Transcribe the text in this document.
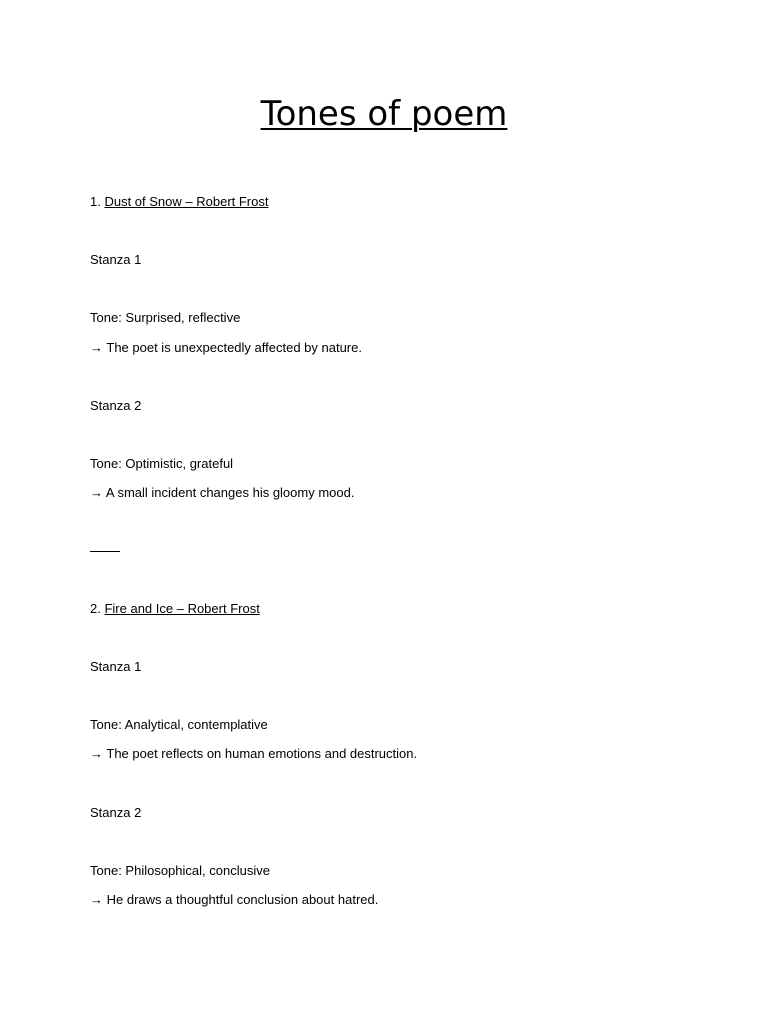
Tones of poem
1. Dust of Snow – Robert Frost
Stanza 1
Tone: Surprised, reflective
→ The poet is unexpectedly affected by nature.
Stanza 2
Tone: Optimistic, grateful
→ A small incident changes his gloomy mood.
2. Fire and Ice – Robert Frost
Stanza 1
Tone: Analytical, contemplative
→ The poet reflects on human emotions and destruction.
Stanza 2
Tone: Philosophical, conclusive
→ He draws a thoughtful conclusion about hatred.
